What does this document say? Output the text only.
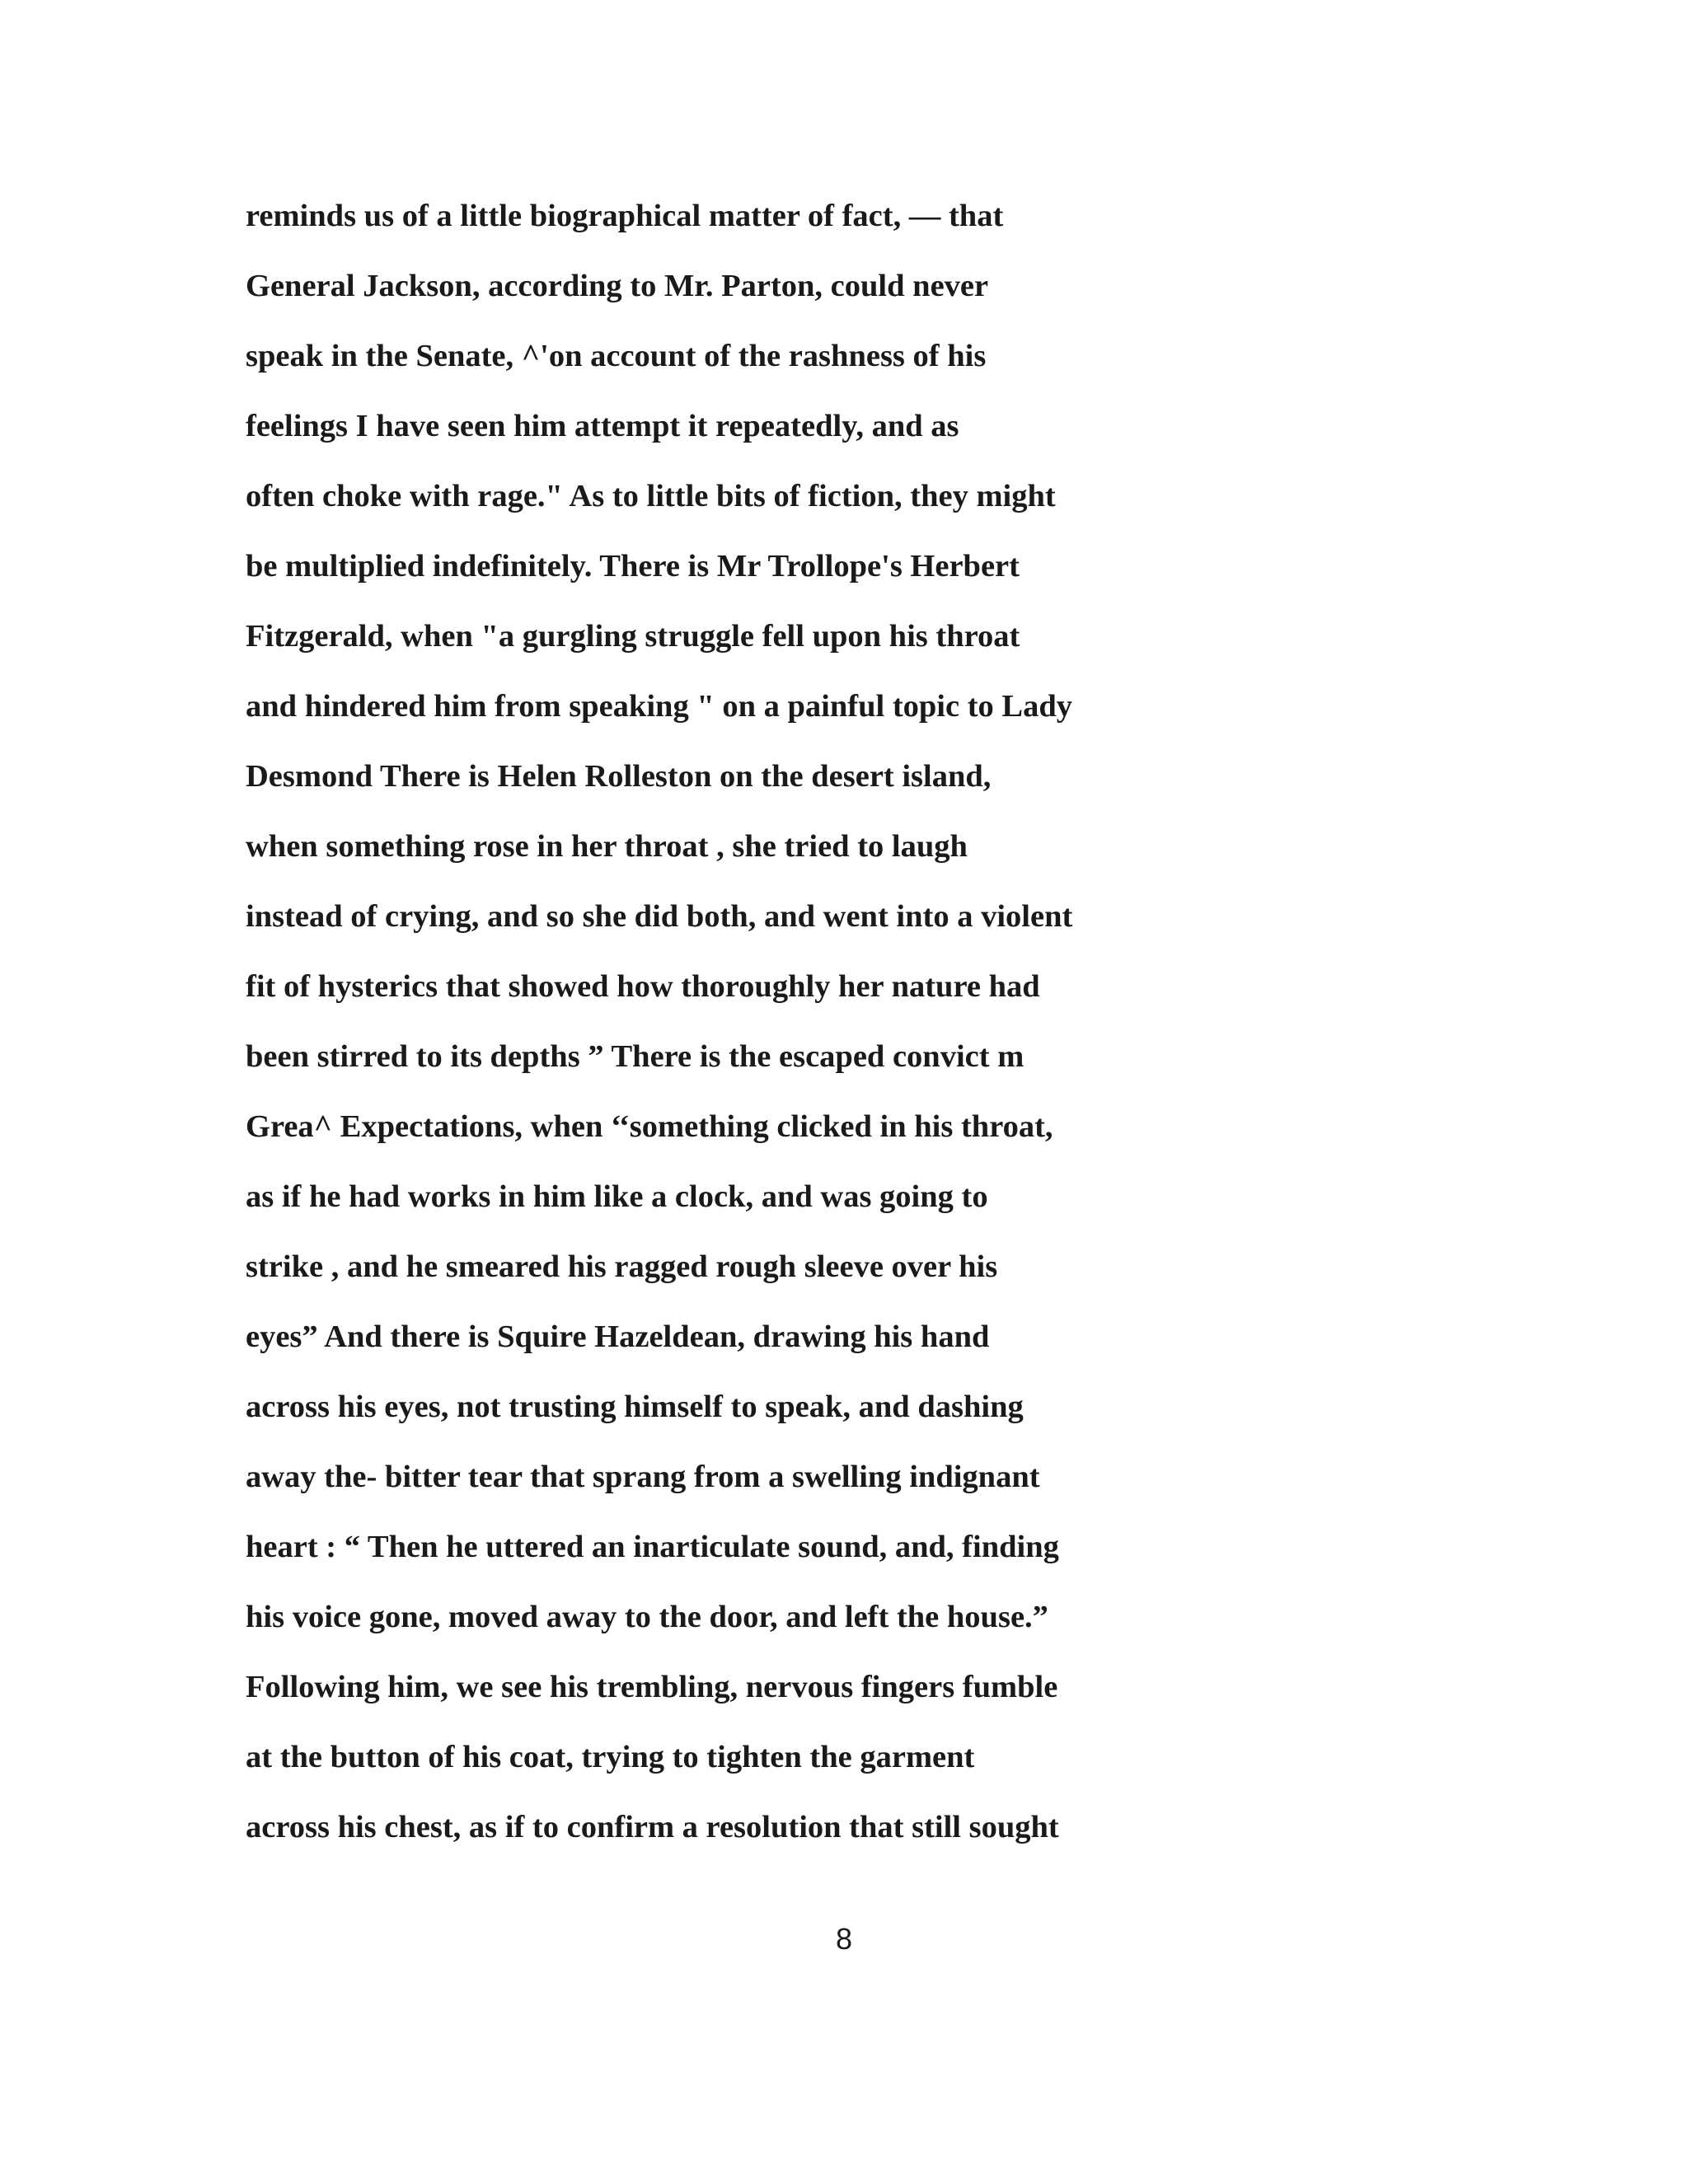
reminds us of a little biographical matter of fact, — that
General Jackson, according to Mr. Parton, could never
speak in the Senate, ^'on account of the rashness of his
feelings I have seen him attempt it repeatedly, and as
often choke with rage." As to little bits of fiction, they might
be multiplied indefinitely. There is Mr Trollope's Herbert
Fitzgerald, when "a gurgling struggle fell upon his throat
and hindered him from speaking " on a painful topic to Lady
Desmond There is Helen Rolleston on the desert island,
when something rose in her throat , she tried to laugh
instead of crying, and so she did both, and went into a violent
fit of hysterics that showed how thoroughly her nature had
been stirred to its depths ” There is the escaped convict m
Grea^ Expectations, when ‘‘something clicked in his throat,
as if he had works in him like a clock, and was going to
strike , and he smeared his ragged rough sleeve over his
eyes” And there is Squire Hazeldean, drawing his hand
across his eyes, not trusting himself to speak, and dashing
away the- bitter tear that sprang from a swelling indignant
heart : “ Then he uttered an inarticulate sound, and, finding
his voice gone, moved away to the door, and left the house.”
Following him, we see his trembling, nervous fingers fumble
at the button of his coat, trying to tighten the garment
across his chest, as if to confirm a resolution that still sought
8
